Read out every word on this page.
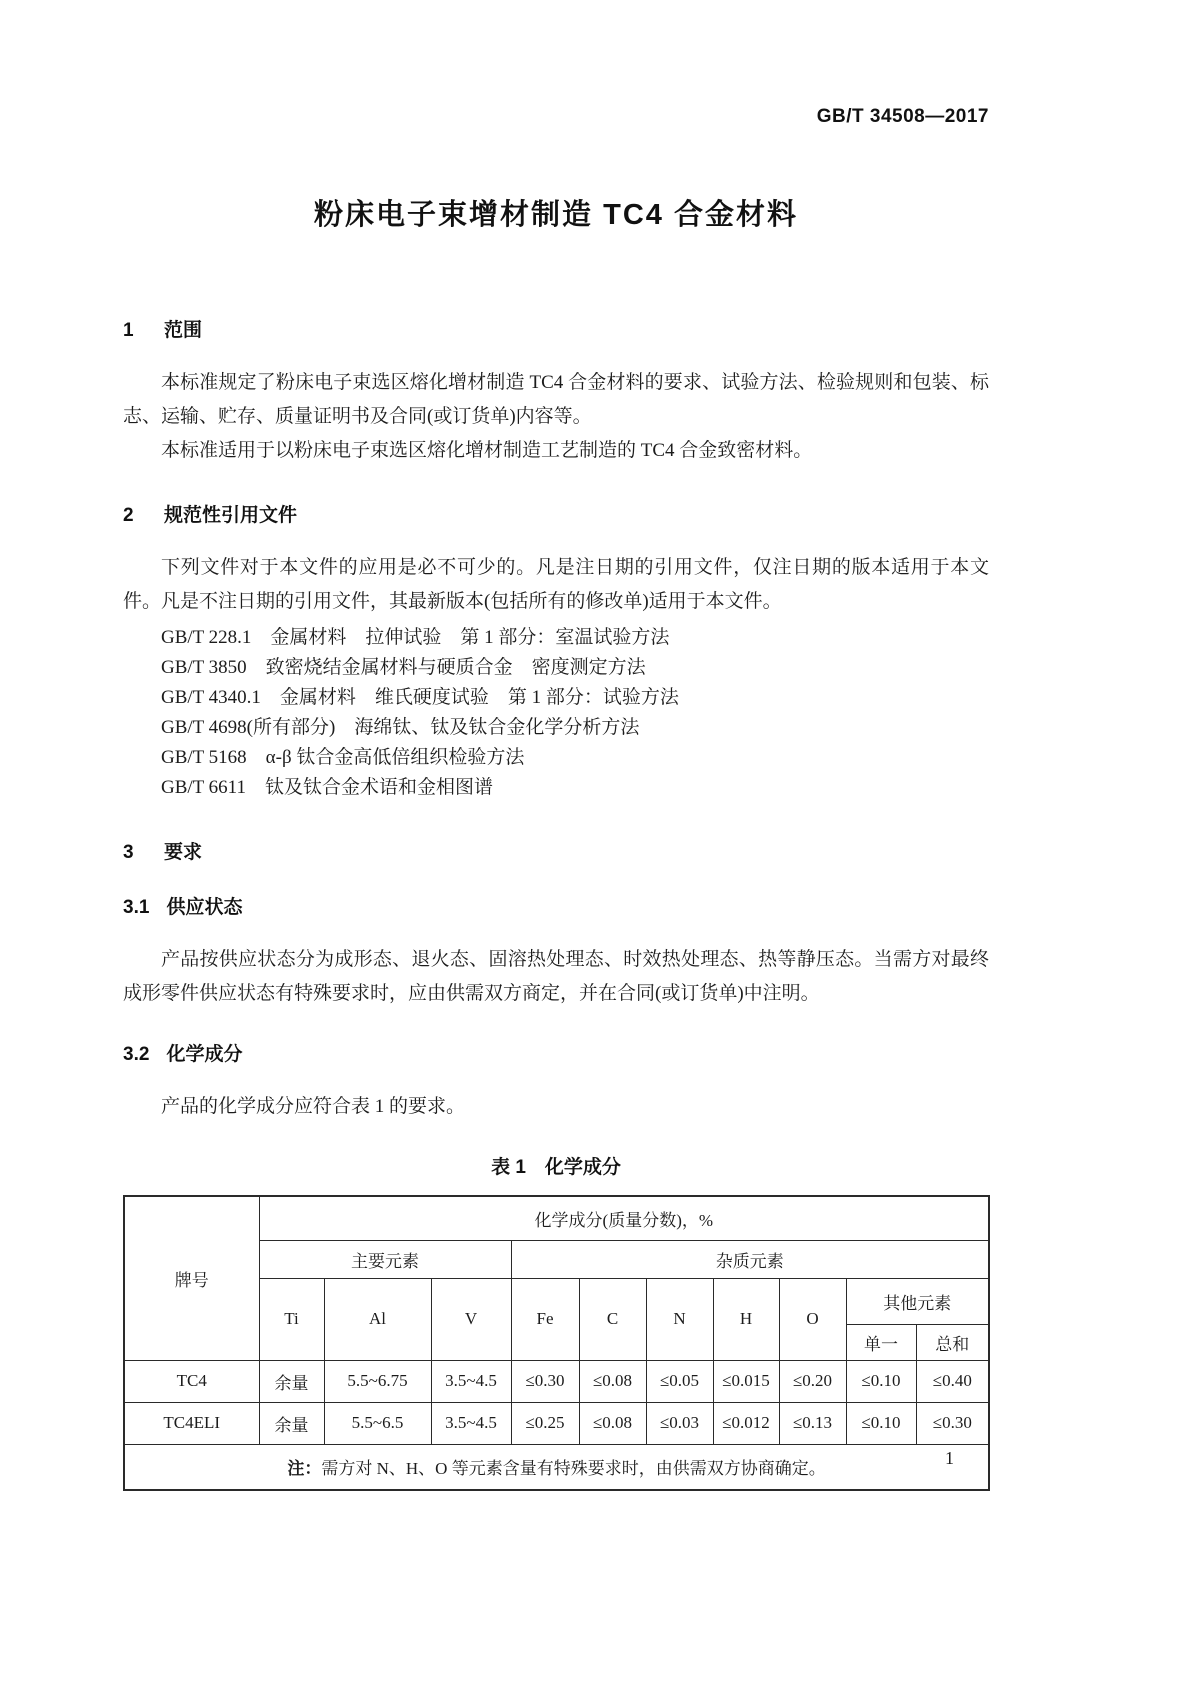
GB/T 34508—2017
粉床电子束增材制造 TC4 合金材料
1 范围

本标准规定了粉床电子束选区熔化增材制造 TC4 合金材料的要求、试验方法、检验规则和包装、标志、运输、贮存、质量证明书及合同(或订货单)内容等。

本标准适用于以粉床电子束选区熔化增材制造工艺制造的 TC4 合金致密材料。

2 规范性引用文件

下列文件对于本文件的应用是必不可少的。凡是注日期的引用文件，仅注日期的版本适用于本文件。凡是不注日期的引用文件，其最新版本(包括所有的修改单)适用于本文件。

GB/T 228.1　金属材料　拉伸试验　第 1 部分：室温试验方法

GB/T 3850　致密烧结金属材料与硬质合金　密度测定方法

GB/T 4340.1　金属材料　维氏硬度试验　第 1 部分：试验方法

GB/T 4698(所有部分)　海绵钛、钛及钛合金化学分析方法

GB/T 5168　α-β 钛合金高低倍组织检验方法

GB/T 6611　钛及钛合金术语和金相图谱

3 要求
3.1 供应状态

产品按供应状态分为成形态、退火态、固溶热处理态、时效热处理态、热等静压态。当需方对最终成形零件供应状态有特殊要求时，应由供需双方商定，并在合同(或订货单)中注明。

3.2 化学成分

产品的化学成分应符合表 1 的要求。

表 1　化学成分
牌号	化学成分(质量分数)，%									
	主要元素			杂质元素						
	Ti	Al	V	Fe	C	N	H	O	其他元素	
									单一	总和
TC4	余量	5.5~6.75	3.5~4.5	≤0.30	≤0.08	≤0.05	≤0.015	≤0.20	≤0.10	≤0.40
TC4ELI	余量	5.5~6.5	3.5~4.5	≤0.25	≤0.08	≤0.03	≤0.012	≤0.13	≤0.10	≤0.30
注：需方对 N、H、O 等元素含量有特殊要求时，由供需双方协商确定。										
1
